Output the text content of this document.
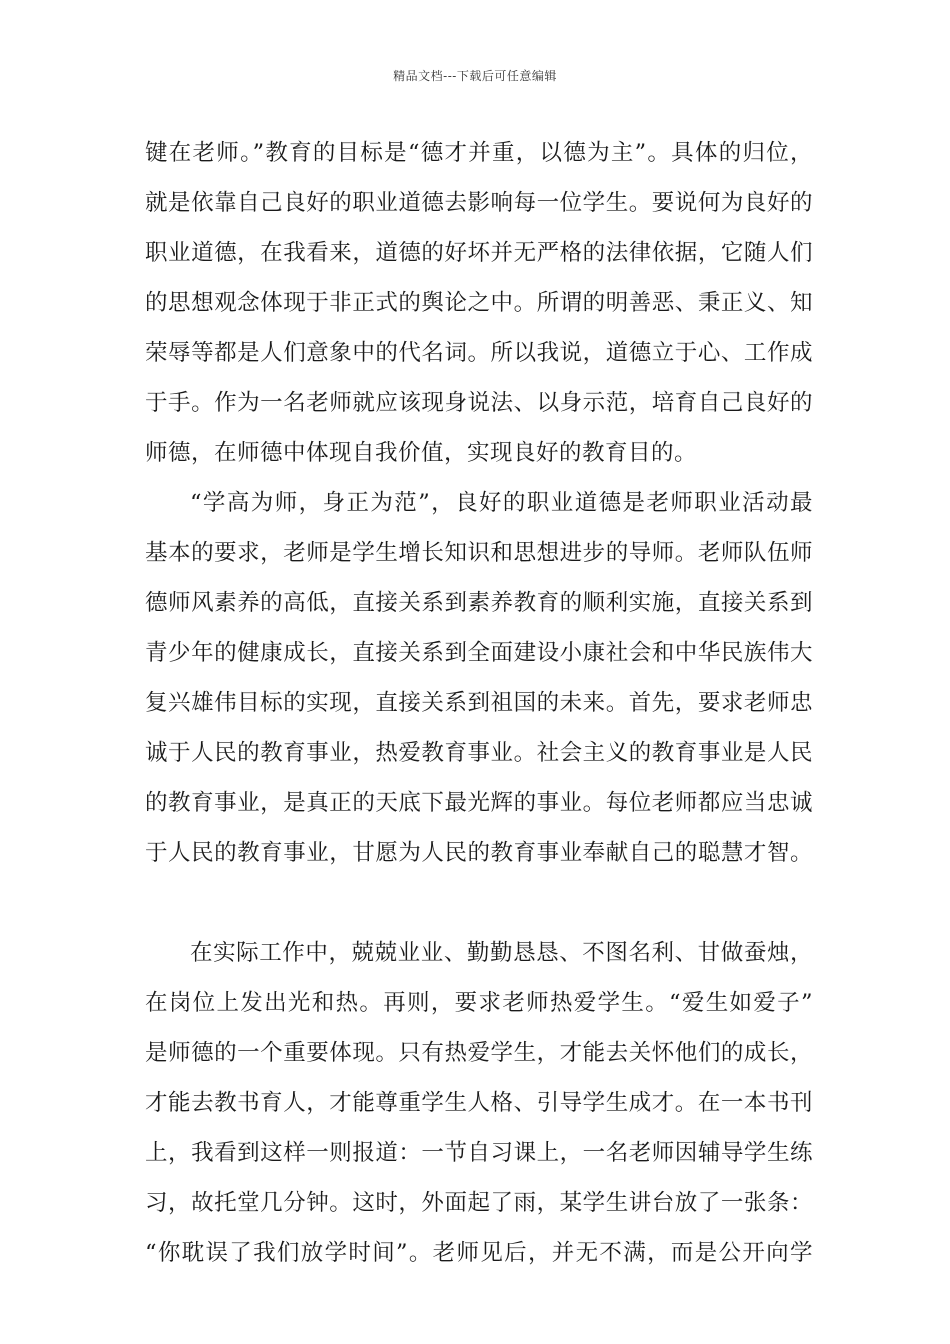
精品文档---下载后可任意编辑
键在老师。”教育的目标是“德才并重，以德为主”。具体的归位，
就是依靠自己良好的职业道德去影响每一位学生。要说何为良好的
职业道德，在我看来，道德的好坏并无严格的法律依据，它随人们
的思想观念体现于非正式的舆论之中。所谓的明善恶、秉正义、知
荣辱等都是人们意象中的代名词。所以我说，道德立于心、工作成
于手。作为一名老师就应该现身说法、以身示范，培育自己良好的
师德，在师德中体现自我价值，实现良好的教育目的。
“学高为师，身正为范”，良好的职业道德是老师职业活动最
基本的要求，老师是学生增长知识和思想进步的导师。老师队伍师
德师风素养的高低，直接关系到素养教育的顺利实施，直接关系到
青少年的健康成长，直接关系到全面建设小康社会和中华民族伟大
复兴雄伟目标的实现，直接关系到祖国的未来。首先，要求老师忠
诚于人民的教育事业，热爱教育事业。社会主义的教育事业是人民
的教育事业，是真正的天底下最光辉的事业。每位老师都应当忠诚
于人民的教育事业，甘愿为人民的教育事业奉献自己的聪慧才智。
在实际工作中，兢兢业业、勤勤恳恳、不图名利、甘做蚕烛，
在岗位上发出光和热。再则，要求老师热爱学生。“爱生如爱子”
是师德的一个重要体现。只有热爱学生，才能去关怀他们的成长，
才能去教书育人，才能尊重学生人格、引导学生成才。在一本书刊
上，我看到这样一则报道：一节自习课上，一名老师因辅导学生练
习，故托堂几分钟。这时，外面起了雨，某学生讲台放了一张条：
“你耽误了我们放学时间”。老师见后，并无不满，而是公开向学
